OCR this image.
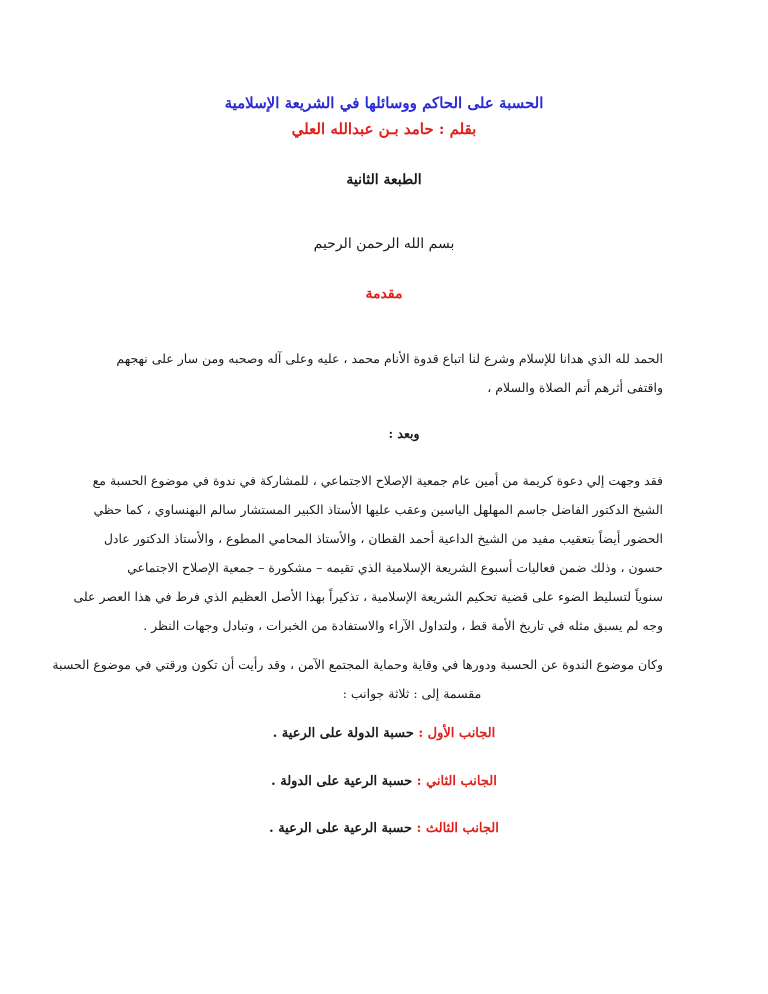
الحسبة على الحاكم ووسائلها في الشريعة الإسلامية
بقلم : حامد بـن عبدالله العلي
الطبعة الثانية
بسم الله الرحمن الرحيم
مقدمة
الحمد لله الذي هدانا للإسلام وشرع لنا اتباع قدوة الأنام محمد ، عليه وعلى آله وصحبه ومن سار على نهجهم
واقتفى أثرهم أتم الصلاة والسلام ،
وبعد :
فقد وجهت إلي دعوة كريمة من أمين عام جمعية الإصلاح الاجتماعي ، للمشاركة في ندوة في موضوع الحسبة مع
الشيخ الدكتور الفاضل جاسم المهلهل الياسين وعقب عليها الأستاذ الكبير المستشار سالم البهنساوي ، كما حظي
الحضور أيضاً بتعقيب مفيد من الشيخ الداعية أحمد القطان ، والأستاذ المحامي المطوع ، والأستاذ الدكتور عادل
حسون ، وذلك ضمن فعاليات أسبوع الشريعة الإسلامية الذي تقيمه – مشكورة – جمعية الإصلاح الاجتماعي
سنوياً لتسليط الضوء على قضية تحكيم الشريعة الإسلامية ، تذكيراً بهذا الأصل العظيم الذي فرط في هذا العصر على
وجه لم يسبق مثله في تاريخ الأمة قط ، ولتداول الآراء والاستفادة من الخبرات ، وتبادل وجهات النظر .
وكان موضوع الندوة عن الحسبة ودورها في وقاية وحماية المجتمع الآمن ، وقد رأيت أن تكون ورقتي في موضوع الحسبة
مقسمة إلى : ثلاثة جوانب :
الجانب الأول : حسبة الدولة على الرعية .
الجانب الثاني : حسبة الرعية على الدولة .
الجانب الثالث : حسبة الرعية على الرعية .
